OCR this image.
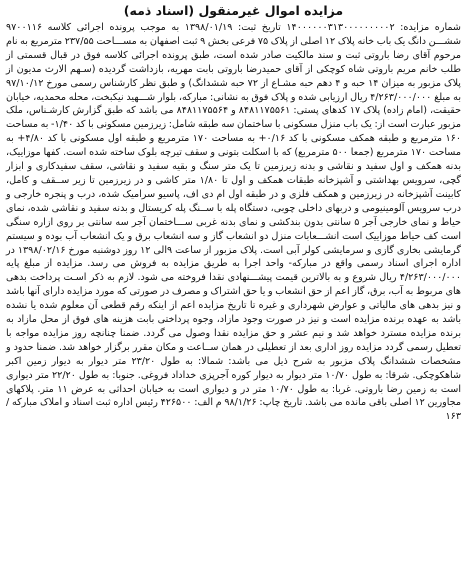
مزایده اموال غیرمنقول (اسناد ذمه)

شماره مزایده: ۱۴۰۰۰۰۰۰۳۱۳۰۰۰۰۰۰۰۰۰۲ تاریخ ثبت: ۱۳۹۸/۰۱/۱۹ به موجب پرونده اجرائی کلاسه ۹۷۰۰۱۱۶ ششـــن دانگ یک باب خانه پلاک ۱۲ اصلی از پلاک ۷۵ فرعی بخش ۹ ثبت اصفهان به مســـاحت ۲۳۷/۵۵ مترمربع به نام مرحوم آقای رضا باروتی ثبت و سند مالکیت صادر شده است، طبق پرونده اجرائی کلاسه فوق در قبال قسمتی از طلب خانم مریم باروتی شاه کوچکی از آقای حمیدرضا باروتی بابت مهریه، بازداشت گردیده (سـهم الارث مدیون از پلاک مزبور به میزان ۱۴ حبه و ۴ دهم حبه مشـاع از ۷۲ حبه ششدانگ) و طبق نظر کارشناس رسمی مورخ ۹۷/۱۰/۱۲ به مبلغ ۴/۲۶۳/۰۰۰/۰۰۰ ریال ارزیابی شده و پلاک فوق به نشانی: مبارکه، بلوار شـــهید نیکبخت، محله محمدیه، خیابان حقیقت، (امام زاده) پلاک ۱۷ کدهای پستی: ۸۴۸۱۱۷۵۵۶۱ و ۸۴۸۱۱۷۵۵۶۴ می باشد که طبق گزارش کارشـناس، ملک مزبور عبارت است از: یک باب منزل مسکونی با ساختمان سه طبقه شامل: زیرزمین مسکونی با کد ۱/۴۰- به مساحت ۱۶۰ مترمربع و طبقه همکف مسکونی با کد ۰/۱۶+ به مساحت ۱۷۰ مترمربع و طبقه اول مسکونی با کد ۴/۸۰+ به مساحت ۱۷۰ مترمربع (جمعا ۵۰۰ مترمربع) که با اسکلت بتونی و سقف تیرچه بلوک ساخته شده است. کفها موزاییک، بدنه همکف و اول سفید و نقاشی و بدنه زیرزمین تا یک متر سنگ و بقیه سفید و نقاشی، سقف سفیدکاری و ابزار گچی، سرویس بهداشتی و آشپزخانه طبقات همکف و اول تا ۱/۸۰ متر کاشی و در زیرزمین تا زیر ســقف و کامل، کابینت آشپزخانه در زیرزمین و همکف فلزی و در طبقه اول ام دی اف، پاسیو سرامیک شده، درب و پنجره خارجی و درب سرویس آلومینیومی و دربهای داخلی چوبی، دستگاه پله با ســنگ پله کریستال و بدنه سفید و نقاشی شده، نمای حیاط و نمای خارجی آجر ۵ سانتی بدون بندکشی و نمای بدنه غربی ســـاختمان آجر سه سانتی بر روی ازاره سنگی است کف حیاط موزاییک است انشـــعابات منزل دو انشعاب گاز و سه انشعاب برق و یک انشعاب آب بوده و سیستم گرمایشی بخاری گازی و سرمایشی کولر آبی است. پلاک مزبور از ساعت ۹الی ۱۲ روز دوشنبه مورخ ۱۳۹۸/۰۲/۱۶ در اداره اجرای اسناد رسمی واقع در مبارکه- واحد اجرا به طریق مزایده به فروش می رسد. مزایده از مبلغ پایه ۴/۲۶۳/۰۰۰/۰۰۰ ریال شروع و به بالاترین قیمت پیشـــنهادی نقدا فروخته می شود. لازم به ذکر اسـت پرداخت بدهی های مربوط به آب، برق، گاز اعم از حق انشعاب و یا حق اشتراک و مصرف در صورتی که مورد مزایده دارای آنها باشد و نیز بدهی های مالیاتی و عوارض شهرداری و غیره تا تاریخ مزایده اعم از اینکه رقم قطعی آن معلوم شده یا نشده باشد به عهده برنده مزایده است و نیز در صورت وجود مازاد، وجوه پرداختی بابت هزینه های فوق از محل مازاد به برنده مزایده مسترد خواهد شد و نیم عشر و حق مزایده نقدا وصول می گردد. ضمنا چنانچه روز مزایده مواجه با تعطیل رسمی گردد مزایده روز اداری بعد از تعطیلی در همان ســاعت و مکان مقرر برگزار خواهد شد. ضمنا حدود و مشخصات ششدانگ پلاک مزبور به شرح ذیل می باشد: شمالا: به طول ۲۳/۲۰ متر دیوار به دیوار زمین اکبر شاهکوچکی. شرقا: به طول ۱۰/۷۰ متر دیوار به دیوار کوره آجرپزی خداداد فروغی. جنوبا: به طول ۲۲/۲۰ متر دیواری است به زمین رضا باروتی. غربا: به طول ۱۰/۷۰ متر در و دیواری است به خیابان احداثی به عرض ۱۱ متر. پلاکهای مجاورین ۱۲ اصلی باقی مانده می باشد. تاریخ چاپ: ۹۸/۱/۲۶ م الف: ۴۲۶۵۰۰ رئیس اداره ثبت اسناد و املاک مبارکه /۱۶۳
